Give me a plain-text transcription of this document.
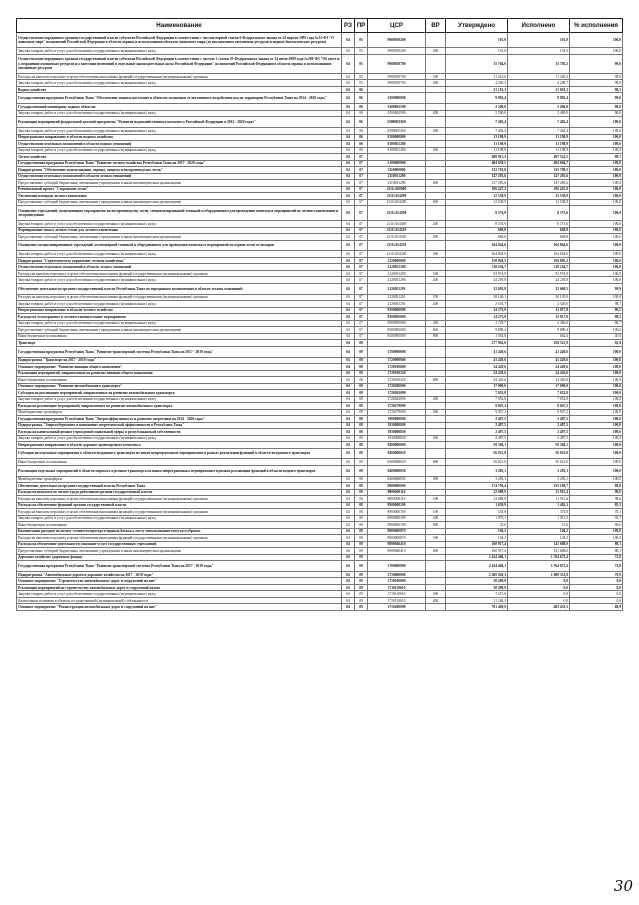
Наименование	РЗ	ПР	ЦСР	ВР	Утверждено	Исполнено	% исполнения
Осуществление переданных органам государственной власти субъектов Российской Федерации в соответствии с частью первой статьи 6 Федерального закона от 24 апреля 1995 года №52-ФЗ "О животном мире" полномочий Российской Федерации в области охраны и использования объектов животного мира (за исключением охотничьих ресурсов и водных биологических ресурсов)	04	05	9900059200		101,0	101,0	100,0
Закупка товаров, работ и услуг для обеспечения государственных (муниципальных) нужд	04	05	9900059200	200	101,0	101,0	100,0
Осуществление переданных органам государственной власти субъектов Российской Федерации в соответствии с частью 1 статьи 33 Федерального закона от 24 июля 2009 года №209-ФЗ "Об охоте и о сохранении охотничьих ресурсов и о внесении изменений в отдельные законодательные акты Российской Федерации" полномочий Российской Федерации в области охраны и использования охотничьих ресурсов	04	05	9900059700		15 764,9	15 702,2	99,6
Расходы на выплаты персоналу в целях обеспечения выполнения функций государственными (муниципальными) органами	04	05	9900059700	100	11 414,6	11 405,5	99,9
Закупка товаров, работ и услуг для обеспечения государственных (муниципальных) нужд	04	05	9900059700	200	4 350,3	4 298,7	98,8
Водное хозяйство	04	06			21 101,3	21 001,3	99,5
Государственная программа Республики Тыва "Обеспечение защиты населения и объектов экономики от негативного воздействия вод на территории Республики Тыва на 2014 - 2020 годы"	04	06	2500000000		9 902,4	9 802,4	99,0
Государственный мониторинг водных объектов	04	06	2500002500		2 500,0	2 400,0	96,0
Закупка товаров, работ и услуг для обеспечения государственных (муниципальных) нужд	04	06	2500002500	200	2 500,0	2 400,0	96,0
Реализация мероприятий федеральной целевой программы "Развитие водохозяйственного комплекса Российской Федерации в 2012 - 2020 годах"	04	06	25000R0160		7 402,4	7 402,4	100,0
Закупка товаров, работ и услуг для обеспечения государственных (муниципальных) нужд	04	06	25000R0160	200	7 402,4	7 402,4	100,0
Непрограммное направление в области водного хозяйства	04	06	8100000000		11 198,9	11 198,9	100,0
Осуществление отдельных полномочий в области водных отношений	04	06	8100051280		11 198,9	11 198,9	100,0
Закупка товаров, работ и услуг для обеспечения государственных (муниципальных) нужд	04	06	8100051280	200	11 198,9	11 198,9	100,0
Лесное хозяйство	04	07			498 913,2	497 522,5	99,7
Государственная программа Республики Тыва "Развитие лесного хозяйства Республики Тыва на 2017 - 2020 годы"	04	07	2100000000		484 639,5	484 604,7	100,0
Подпрограмма "Обеспечение использования, охраны, защиты и воспроизводства лесов"	04	07	2110000000		333 710,8	333 709,5	100,0
Осуществление отдельных полномочий в области лесных отношений	04	07	2110051290		147 283,6	147 283,6	100,0
Предоставление субсидий бюджетным, автономным учреждениям и иным некоммерческим организациям	04	07	2110051290	600	147 283,6	147 283,6	100,0
Региональный проект "Сохранение лесов"	04	07	211GA00000		186 427,2	186 425,9	100,0
Увеличение площади лесовосстановления	04	07	211GA54290		12 538,9	12 538,9	100,0
Предоставление субсидий бюджетным, автономным учреждениям и иным некоммерческим организациям	04	07	211GA54290	600	12 538,9	12 538,9	100,0
Оснащение учреждений, выполняющих мероприятия по воспроизводству лесов, специализированной техникой и оборудованием для проведения комплекса мероприятий по лесовосстановлению и лесоразведению	04	07	211GA54300		8 374,9	8 373,6	100,0
Закупка товаров, работ и услуг для обеспечения государственных (муниципальных) нужд	04	07	211GA54300	200	8 374,9	8 373,6	100,0
Формирование запаса лесных семян для лесовосстановления	04	07	211GA54310		668,8	668,8	100,0
Предоставление субсидий бюджетным, автономным учреждениям и иным некоммерческим организациям	04	07	211GA54310	600	668,8	668,8	100,0
Оснащение специализированных учреждений лесопожарной техникой и оборудованием для проведения комплекса мероприятий по охране лесов от пожаров	04	07	211GA54320		164 844,6	164 844,6	100,0
Закупка товаров, работ и услуг для обеспечения государственных (муниципальных) нужд	04	07	211GA54320	200	164 844,6	164 844,6	100,0
Подпрограмма "Стратегическое управление лесным хозяйством"	04	07	2120000000		150 928,5	150 895,2	100,0
Осуществление отдельных полномочий в области лесных отношений	04	07	2120051290		118 234,7	118 234,7	100,0
Расходы на выплаты персоналу в целях обеспечения выполнения функций государственными (муниципальными) органами	04	07	2120051290	100	93 974,9	93 974,9	100,0
Закупка товаров, работ и услуг для обеспечения государственных (муниципальных) нужд	04	07	2120051290	200	24 259,8	24 259,8	100,0
Обеспечение деятельности органов государственной власти Республики Тыва по переданным полномочиям в области лесных отношений	04	07	2120051291		32 693,8	32 660,5	99,9
Расходы на выплаты персоналу в целях обеспечения выполнения функций государственными (муниципальными) органами	04	07	2120051291	100	30 140,1	30 139,9	100,0
Закупка товаров, работ и услуг для обеспечения государственных (муниципальных) нужд	04	07	2120051291	200	2 553,7	2 520,6	98,7
Непрограммное направление в области лесного хозяйства	04	07	8500000000		14 273,9	12 917,8	90,5
Расходы на лесоохранные и лесовосстановительные мероприятия	04	07	8500095000		14 273,9	12 917,8	90,5
Закупка товаров, работ и услуг для обеспечения государственных (муниципальных) нужд	04	07	8500095000	200	2 729,7	2 366,0	86,7
Предоставление субсидий бюджетным, автономным учреждениям и иным некоммерческим организациям	04	07	8500095000	600	9 889,4	9 889,4	100,0
Иные бюджетные ассигнования	04	07	8500095000	800	1 654,8	662,4	40,0
Транспорт	04	08			277 962,6	258 321,9	92,9
Государственная программа Республики Тыва "Развитие транспортной системы Республики Тыва на 2017 - 2019 годы"	04	08	1700000000		41 420,6	41 420,6	100,0
Подпрограмма "Транспорт на 2017 - 2019 годы"	04	08	1720000000		41 420,6	41 420,6	100,0
Основное мероприятие "Развитие авиации общего назначения"	04	08	1720100000		24 420,6	24 420,6	100,0
Реализация мероприятий, направленных на развитие авиации общего назначения	04	08	1720160320		24 420,6	24 420,6	100,0
Иные бюджетные ассигнования	04	08	1720160320	800	24 420,6	24 420,6	100,0
Основное мероприятие "Развитие автомобильного транспорта"	04	08	1720200000		17 000,0	17 000,0	100,0
Субсидии на реализацию мероприятий, направленных на развитие автомобильного транспорта	04	08	1720263090		7 052,8	7 052,8	100,0
Закупка товаров, работ и услуг для обеспечения государственных (муниципальных) нужд	04	08	1720263090	200	7 052,8	7 052,8	100,0
Расходы на реализацию мероприятий, направленных на развитие автомобильного транспорта	04	08	1720279090		9 947,2	9 947,2	100,0
Межбюджетные трансферты	04	08	1720279090	500	9 947,2	9 947,2	100,0
Государственная программа Республики Тыва "Энергоэффективность и развитие энергетики на 2014 - 2020 годы"	04	08	1900000000		2 487,5	2 487,5	100,0
Подпрограмма "Энергосбережение и повышение энергетической эффективности в Республике Тыва"	04	08	1930000000		2 487,5	2 487,5	100,0
Расходы на капитальный ремонт учреждений социальной сферы в республиканской собственности	04	08	1930008830		2 487,5	2 487,5	100,0
Закупка товаров, работ и услуг для обеспечения государственных (муниципальных) нужд	04	08	1930008830	200	2 487,5	2 487,5	100,0
Непрограммное направление в области дорожно-транспортного комплекса	04	08	8400000000		59 304,1	59 304,1	100,0
Субсидии на отдельные мероприятия в области воздушного транспорта по иным непрограммным мероприятиям в рамках реализации функций в области воздушного транспорта	04	08	8400068020		56 021,0	56 021,0	100,0
Иные бюджетные ассигнования	04	08	8400068020	800	56 021,0	56 021,0	100,0
Реализация отдельных мероприятий в области морского и речного транспорта по иным непрограммным мероприятиям в рамках реализации функций в области водного транспорта	04	08	8400068030		3 283,1	3 283,1	100,0
Межбюджетные трансферты	04	08	8400068030	500	3 283,1	3 283,1	100,0
Обеспечение деятельности органов государственной власти Республики Тыва	04	08	8900000000		174 750,4	155 109,7	88,8
Расходы на выплаты по оплате труда работников органов государственной власти	04	08	8900000110		12 088,9	11 915,4	98,6
Расходы на выплаты персоналу в целях обеспечения выполнения функций государственными (муниципальными) органами	04	08	8900000110	100	12 088,9	11 915,4	98,6
Расходы на обеспечение функций органов государственной власти	04	08	8900000190		1 639,9	1 402,1	85,5
Расходы на выплаты персоналу в целях обеспечения выполнения функций государственными (муниципальными) органами	04	08	8900000190	100	535,8	375,8	70,1
Закупка товаров, работ и услуг для обеспечения государственных (муниципальных) нужд	04	08	8900000190	200	1 079,1	1 011,3	93,7
Иные бюджетные ассигнования	04	08	8900000190	800	25,0	15,0	60,0
Компенсация расходов на оплату стоимости проезда и провоза багажа к месту использования отпуска и обратно	04	08	8900000870		104,2	104,2	100,0
Расходы на выплаты персоналу в целях обеспечения выполнения функций государственными (муниципальными) органами	04	08	8900000870	100	104,2	104,2	100,0
Расходы на обеспечение деятельности (оказание услуг) государственных учреждений	04	08	8900040410		160 917,4	141 688,0	88,1
Предоставление субсидий бюджетным, автономным учреждениям и иным некоммерческим организациям	04	08	8900040410	600	160 917,4	141 688,0	88,1
Дорожное хозяйство (дорожные фонды)	04	09			2 424 460,1	1 764 673,4	72,8
Государственная программа Республики Тыва "Развитие транспортной системы Республики Тыва на 2017 - 2019 годы"	04	09	1700000000		2 424 460,1	1 764 673,4	72,8
Подпрограмма "Автомобильные дороги и дорожное хозяйство на 2017 - 2019 годы"	04	09	1710000000		2 269 020,3	1 609 331,8	70,9
Основное мероприятие "Строительство автомобильных дорог и сооружений на них"	04	09	1710100000		38 499,9	0,0	0,0
Реализация мероприятий по строительству автомобильных дорог и сооружений на них	04	09	1710110610		38 499,9	0,0	0,0
Закупка товаров, работ и услуг для обеспечения государственных (муниципальных) нужд	04	09	1710110610	200	7 215,6	0,0	0,0
Капитальные вложения в объекты государственной (муниципальной) собственности	04	09	1710110610	400	31 284,3	0,0	0,0
Основное мероприятие "Реконструкция автомобильных дорог и сооружений на них"	04	09	1710200000		701 409,9	483 433,5	68,9
30
